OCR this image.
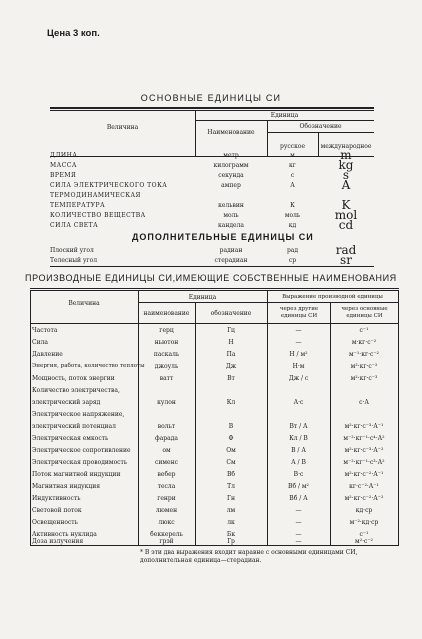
Цена 3 коп.
ОСНОВНЫЕ ЕДИНИЦЫ СИ
Величина
Единица
Наименование
Обозначение
русское	международное
ДЛИНА	метр	м	m
МАССА	килограмм	кг	kg
ВРЕМЯ	секунда	с	s
СИЛА ЭЛЕКТРИЧЕСКОГО ТОКА	ампер	А	A
ТЕРМОДИНАМИЧЕСКАЯ
ТЕМПЕРАТУРА	кельвин	К	K
КОЛИЧЕСТВО ВЕЩЕСТВА	моль	моль	mol
СИЛА СВЕТА	кандела	кд	cd
ДОПОЛНИТЕЛЬНЫЕ ЕДИНИЦЫ СИ
Плоский угол	радиан	рад	rad
Телесный угол	стерадиан	ср	sr
ПРОИЗВОДНЫЕ ЕДИНИЦЫ СИ,ИМЕЮЩИЕ СОБСТВЕННЫЕ НАИМЕНОВАНИЯ
Величина
Единица	Выражение производной единицы
наименование	обозначение
через другие единицы СИ
через основные единицы СИ
Частота	герц	Гц	—	с⁻¹
Сила	ньютон	Н	—	м·кг·с⁻²
Давление	паскаль	Па	Н / м²	м⁻¹·кг·с⁻²
Энергия, работа, количество теплоты	джоуль	Дж	Н·м	м²·кг·с⁻²
Мощность, поток энергии	ватт	Вт	Дж / с	м²·кг·с⁻³
Количество электричества,
электрический заряд	кулон	Кл	А·с	с·А
Электрическое напряжение,
электрический потенциал	вольт	В	Вт / А	м²·кг·с⁻³·А⁻¹
Электрическая емкость	фарада	Ф	Кл / В	м⁻²·кг⁻¹·с⁴·А²
Электрическое сопротивление	ом	Ом	В / А	м²·кг·с⁻³·А⁻²
Электрическая проводимость	сименс	См	А / В	м⁻²·кг⁻¹·с³·А²
Поток магнитной индукции	вебер	Вб	В·с	м²·кг·с⁻²·А⁻¹
Магнитная индукция	тесла	Тл	Вб / м²	кг·с⁻²·А⁻¹
Индуктивность	генри	Гн	Вб / А	м²·кг·с⁻²·А⁻²
Световой поток	люмен	лм	—	кд·ср
Освещенность	люкс	лк	—	м⁻²·кд·ср
Активность нуклида	беккерель	Бк	—	с⁻¹
Доза излучения	грэй	Гр	—	м²·с⁻²
* В эти два выражения входит наравне с основными единицами СИ, дополнительная единица—стерадиан.
